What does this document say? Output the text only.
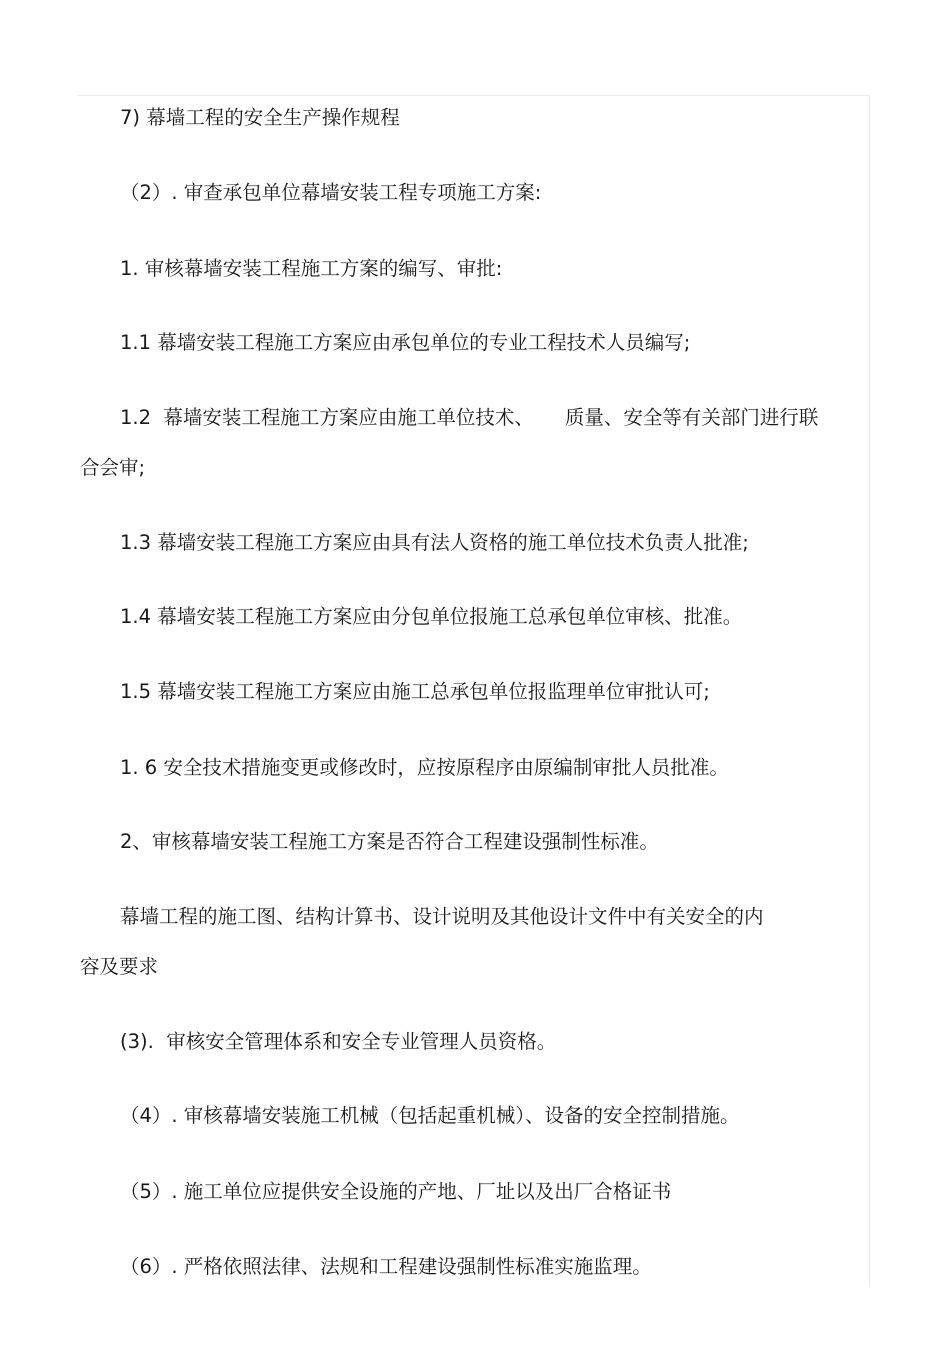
7) 幕墙工程的安全生产操作规程
（2）. 审查承包单位幕墙安装工程专项施工方案:
1. 审核幕墙安装工程施工方案的编写、审批:
1.1 幕墙安装工程施工方案应由承包单位的专业工程技术人员编写;
1.2  幕墙安装工程施工方案应由施工单位技术、     质量、安全等有关部门进行联
合会审;
1.3 幕墙安装工程施工方案应由具有法人资格的施工单位技术负责人批准;
1.4 幕墙安装工程施工方案应由分包单位报施工总承包单位审核、批准。
1.5 幕墙安装工程施工方案应由施工总承包单位报监理单位审批认可;
1. 6 安全技术措施变更或修改时，应按原程序由原编制审批人员批准。
2、审核幕墙安装工程施工方案是否符合工程建设强制性标准。
幕墙工程的施工图、结构计算书、设计说明及其他设计文件中有关安全的内
容及要求
(3).  审核安全管理体系和安全专业管理人员资格。
（4）. 审核幕墙安装施工机械（包括起重机械）、设备的安全控制措施。
（5）. 施工单位应提供安全设施的产地、厂址以及出厂合格证书
（6）. 严格依照法律、法规和工程建设强制性标准实施监理。
